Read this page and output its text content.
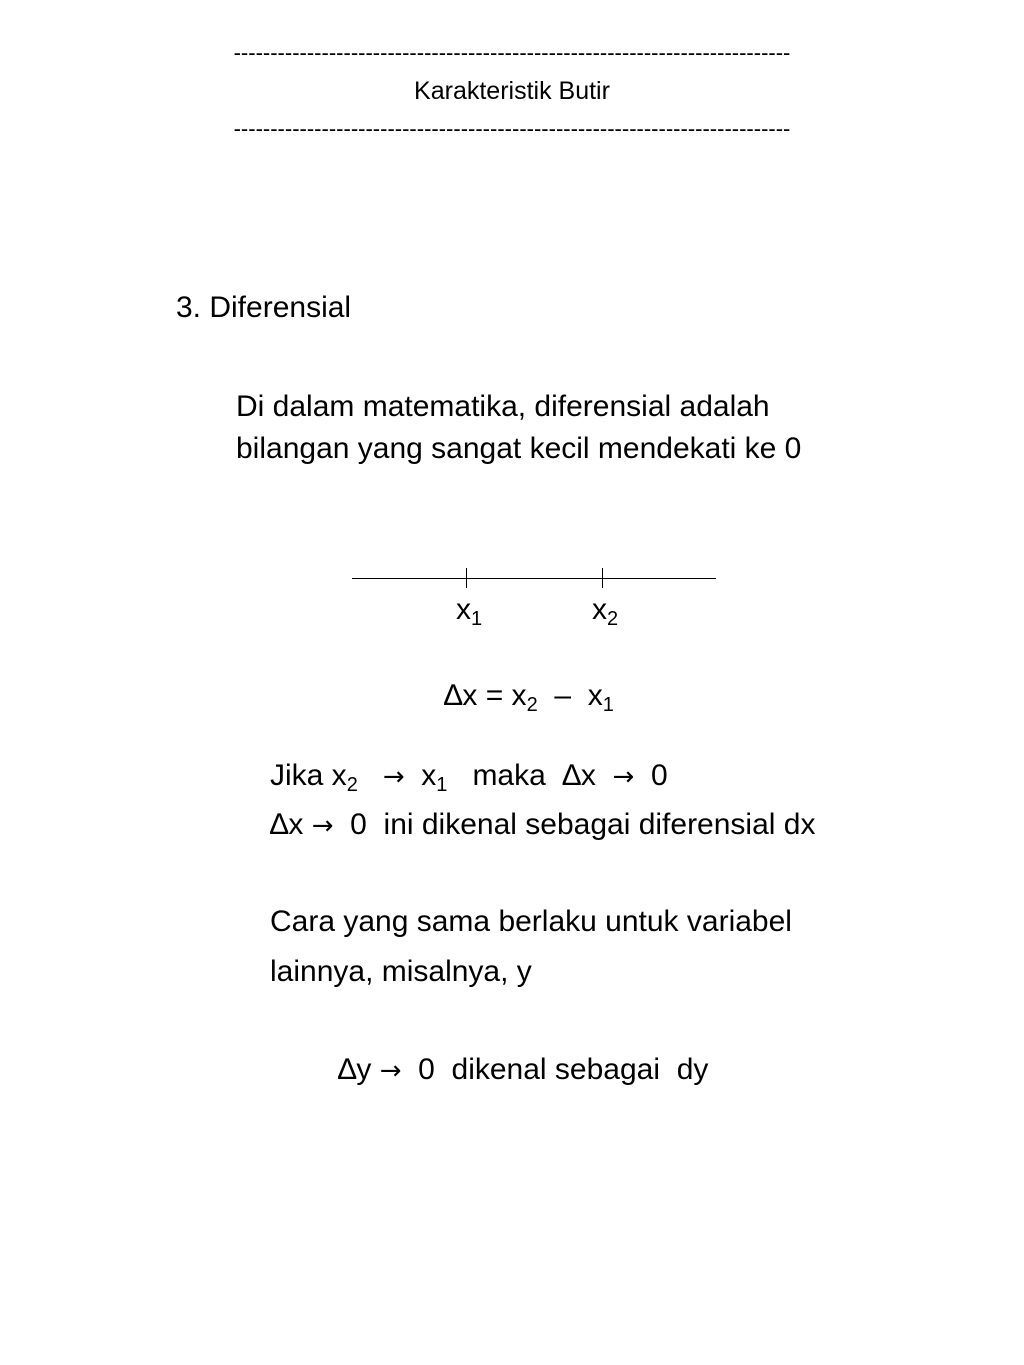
----------------------------------------------------------------------------
Karakteristik Butir
----------------------------------------------------------------------------
3. Diferensial
Di dalam matematika, diferensial adalah
bilangan yang sangat kecil mendekati ke 0
$x_1$	$x_2$
$\Delta x = x_2 - x_1$
Jika $x_2 \to x_1$ maka ∆x → 0
∆x → 0  ini dikenal sebagai diferensial dx
Cara yang sama berlaku untuk variabel
lainnya, misalnya, y
∆y → 0  dikenal sebagai  dy
